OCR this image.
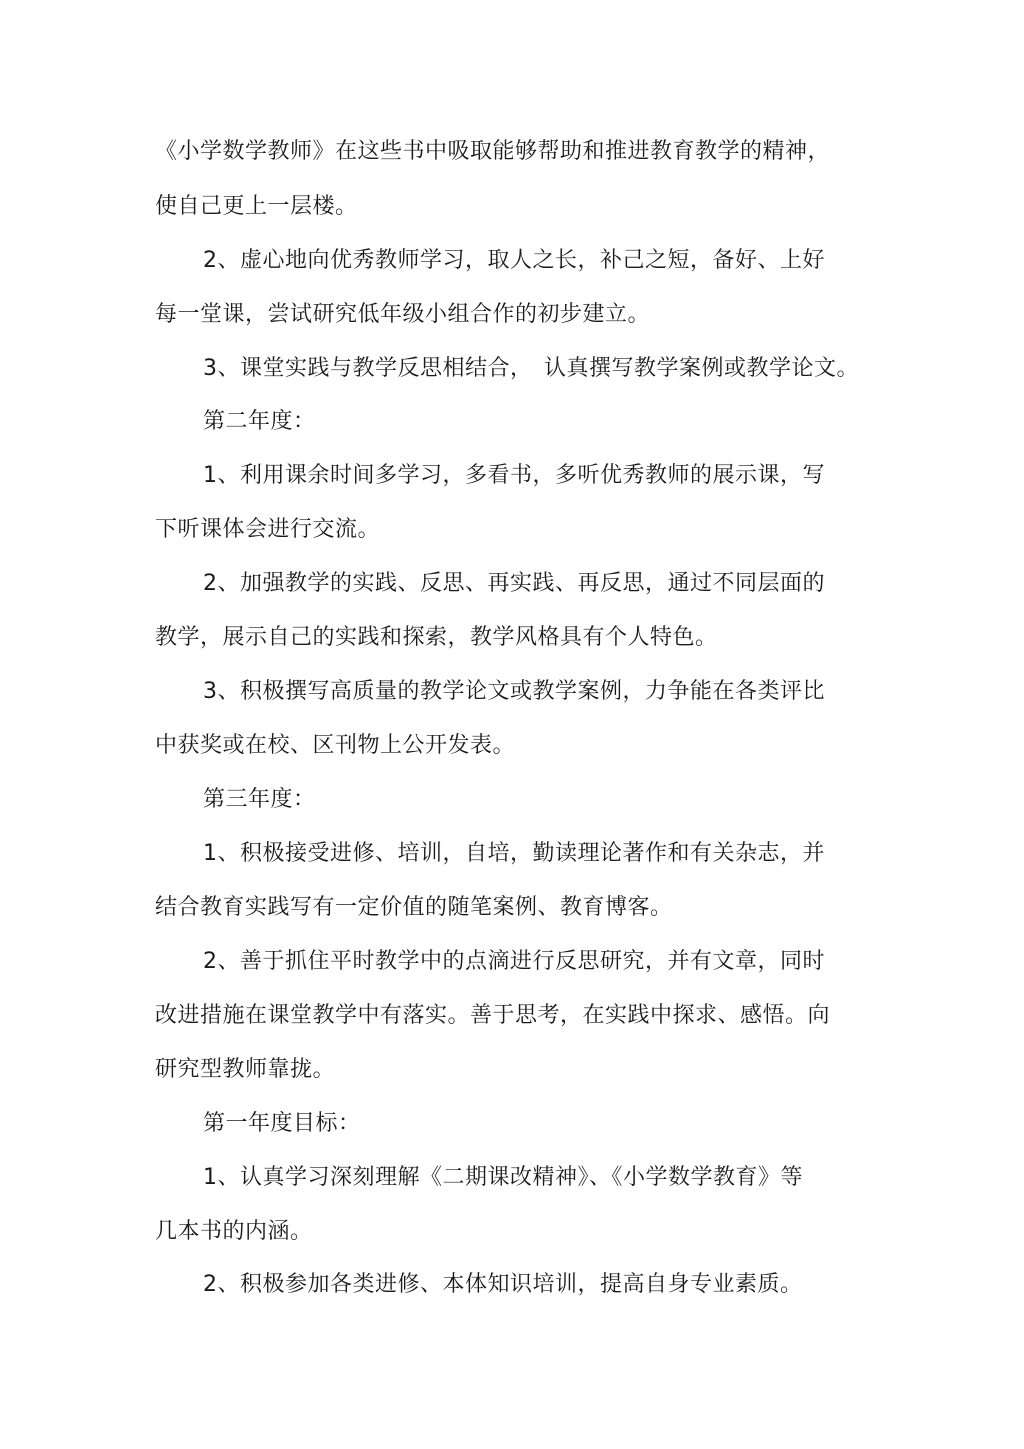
《小学数学教师》在这些书中吸取能够帮助和推进教育教学的精神，
使自己更上一层楼。
2、虚心地向优秀教师学习，取人之长，补己之短，备好、上好
每一堂课，尝试研究低年级小组合作的初步建立。
3、课堂实践与教学反思相结合，　认真撰写教学案例或教学论文。
第二年度：
1、利用课余时间多学习，多看书，多听优秀教师的展示课，写
下听课体会进行交流。
2、加强教学的实践、反思、再实践、再反思，通过不同层面的
教学，展示自己的实践和探索，教学风格具有个人特色。
3、积极撰写高质量的教学论文或教学案例，力争能在各类评比
中获奖或在校、区刊物上公开发表。
第三年度：
1、积极接受进修、培训，自培，勤读理论著作和有关杂志，并
结合教育实践写有一定价值的随笔案例、教育博客。
2、善于抓住平时教学中的点滴进行反思研究，并有文章，同时
改进措施在课堂教学中有落实。善于思考，在实践中探求、感悟。向
研究型教师靠拢。
第一年度目标：
1、认真学习深刻理解《二期课改精神》、《小学数学教育》等
几本书的内涵。
2、积极参加各类进修、本体知识培训，提高自身专业素质。
